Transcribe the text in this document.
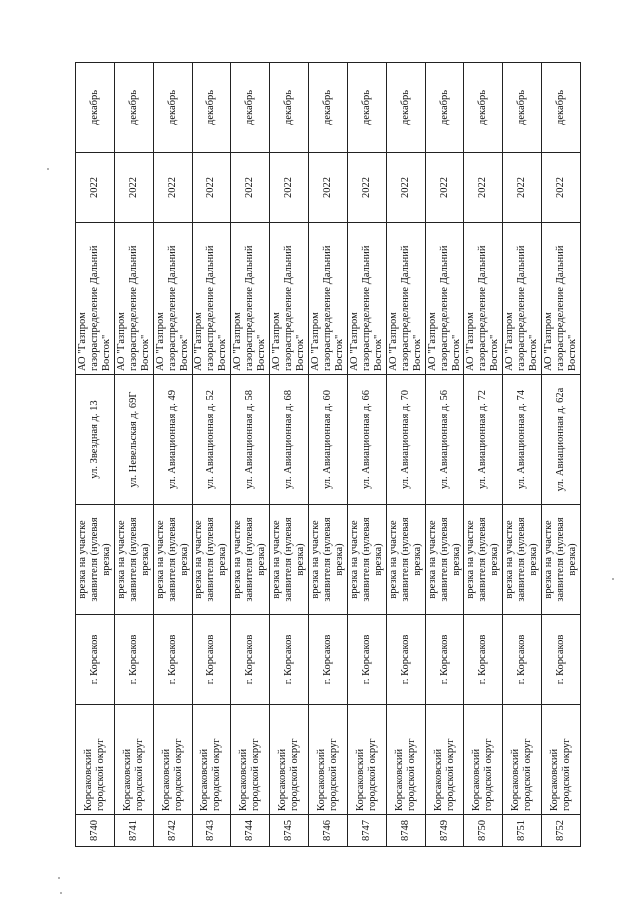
8740	Корсаковский городской округ	г. Корсаков	врезка на участке заявителя (нулевая врезка)	ул. Звездная д. 13	АО "Газпром газораспределение Дальний Восток"	2022	декабрь
8741	Корсаковский городской округ	г. Корсаков	врезка на участке заявителя (нулевая врезка)	ул. Невельская д. 69Г	АО "Газпром газораспределение Дальний Восток"	2022	декабрь
8742	Корсаковский городской округ	г. Корсаков	врезка на участке заявителя (нулевая врезка)	ул. Авиационная д. 49	АО "Газпром газораспределение Дальний Восток"	2022	декабрь
8743	Корсаковский городской округ	г. Корсаков	врезка на участке заявителя (нулевая врезка)	ул. Авиационная д. 52	АО "Газпром газораспределение Дальний Восток"	2022	декабрь
8744	Корсаковский городской округ	г. Корсаков	врезка на участке заявителя (нулевая врезка)	ул. Авиационная д. 58	АО "Газпром газораспределение Дальний Восток"	2022	декабрь
8745	Корсаковский городской округ	г. Корсаков	врезка на участке заявителя (нулевая врезка)	ул. Авиационная д. 68	АО "Газпром газораспределение Дальний Восток"	2022	декабрь
8746	Корсаковский городской округ	г. Корсаков	врезка на участке заявителя (нулевая врезка)	ул. Авиационная д. 60	АО "Газпром газораспределение Дальний Восток"	2022	декабрь
8747	Корсаковский городской округ	г. Корсаков	врезка на участке заявителя (нулевая врезка)	ул. Авиационная д. 66	АО "Газпром газораспределение Дальний Восток"	2022	декабрь
8748	Корсаковский городской округ	г. Корсаков	врезка на участке заявителя (нулевая врезка)	ул. Авиационная д. 70	АО "Газпром газораспределение Дальний Восток"	2022	декабрь
8749	Корсаковский городской округ	г. Корсаков	врезка на участке заявителя (нулевая врезка)	ул. Авиационная д. 56	АО "Газпром газораспределение Дальний Восток"	2022	декабрь
8750	Корсаковский городской округ	г. Корсаков	врезка на участке заявителя (нулевая врезка)	ул. Авиационная д. 72	АО "Газпром газораспределение Дальний Восток"	2022	декабрь
8751	Корсаковский городской округ	г. Корсаков	врезка на участке заявителя (нулевая врезка)	ул. Авиационная д. 74	АО "Газпром газораспределение Дальний Восток"	2022	декабрь
8752	Корсаковский городской округ	г. Корсаков	врезка на участке заявителя (нулевая врезка)	ул. Авиационная д. 62а	АО "Газпром газораспределение Дальний Восток"	2022	декабрь
